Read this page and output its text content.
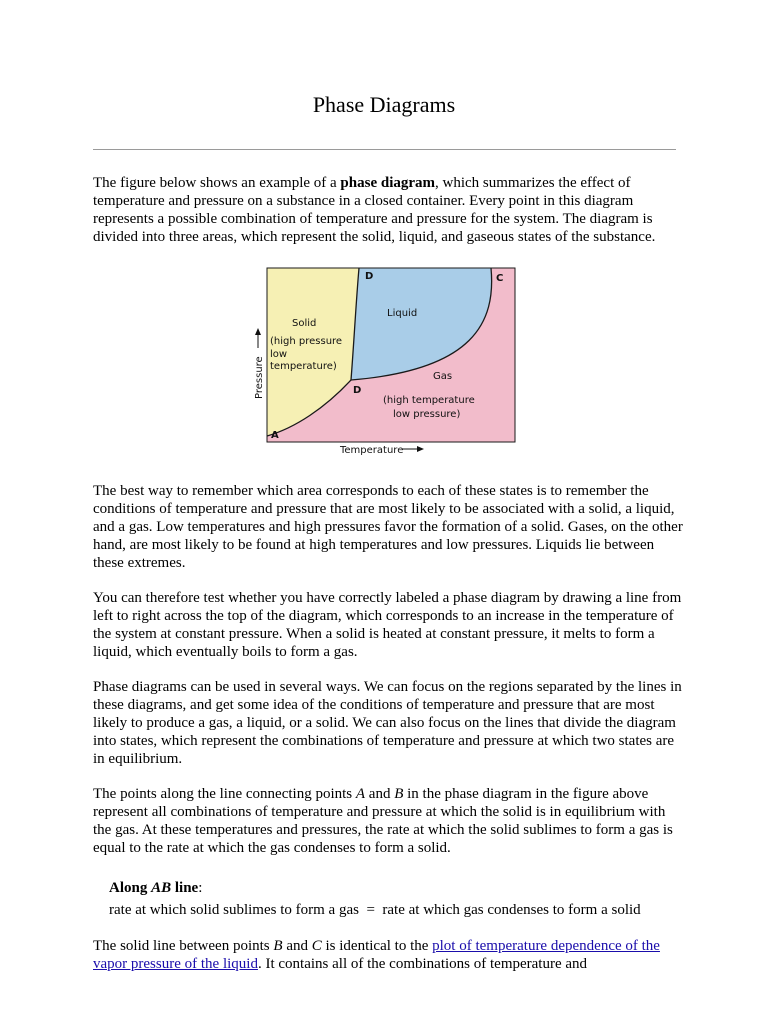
Phase Diagrams

The figure below shows an example of a phase diagram, which summarizes the effect of temperature and pressure on a substance in a closed container. Every point in this diagram represents a possible combination of temperature and pressure for the system. The diagram is divided into three areas, which represent the solid, liquid, and gaseous states of the substance.

D	C
D
A
Liquid
Solid
(high pressure
low
temperature)
Gas
(high temperature
low pressure)
Pressure
Temperature

The best way to remember which area corresponds to each of these states is to remember the conditions of temperature and pressure that are most likely to be associated with a solid, a liquid, and a gas. Low temperatures and high pressures favor the formation of a solid. Gases, on the other hand, are most likely to be found at high temperatures and low pressures. Liquids lie between these extremes.

You can therefore test whether you have correctly labeled a phase diagram by drawing a line from left to right across the top of the diagram, which corresponds to an increase in the temperature of the system at constant pressure. When a solid is heated at constant pressure, it melts to form a liquid, which eventually boils to form a gas.

Phase diagrams can be used in several ways. We can focus on the regions separated by the lines in these diagrams, and get some idea of the conditions of temperature and pressure that are most likely to produce a gas, a liquid, or a solid. We can also focus on the lines that divide the diagram into states, which represent the combinations of temperature and pressure at which two states are in equilibrium.

The points along the line connecting points A and B in the phase diagram in the figure above represent all combinations of temperature and pressure at which the solid is in equilibrium with the gas. At these temperatures and pressures, the rate at which the solid sublimes to form a gas is equal to the rate at which the gas condenses to form a solid.

Along AB line:
rate at which solid sublimes to form a gas  =  rate at which gas condenses to form a solid

The solid line between points B and C is identical to the plot of temperature dependence of the vapor pressure of the liquid. It contains all of the combinations of temperature and
